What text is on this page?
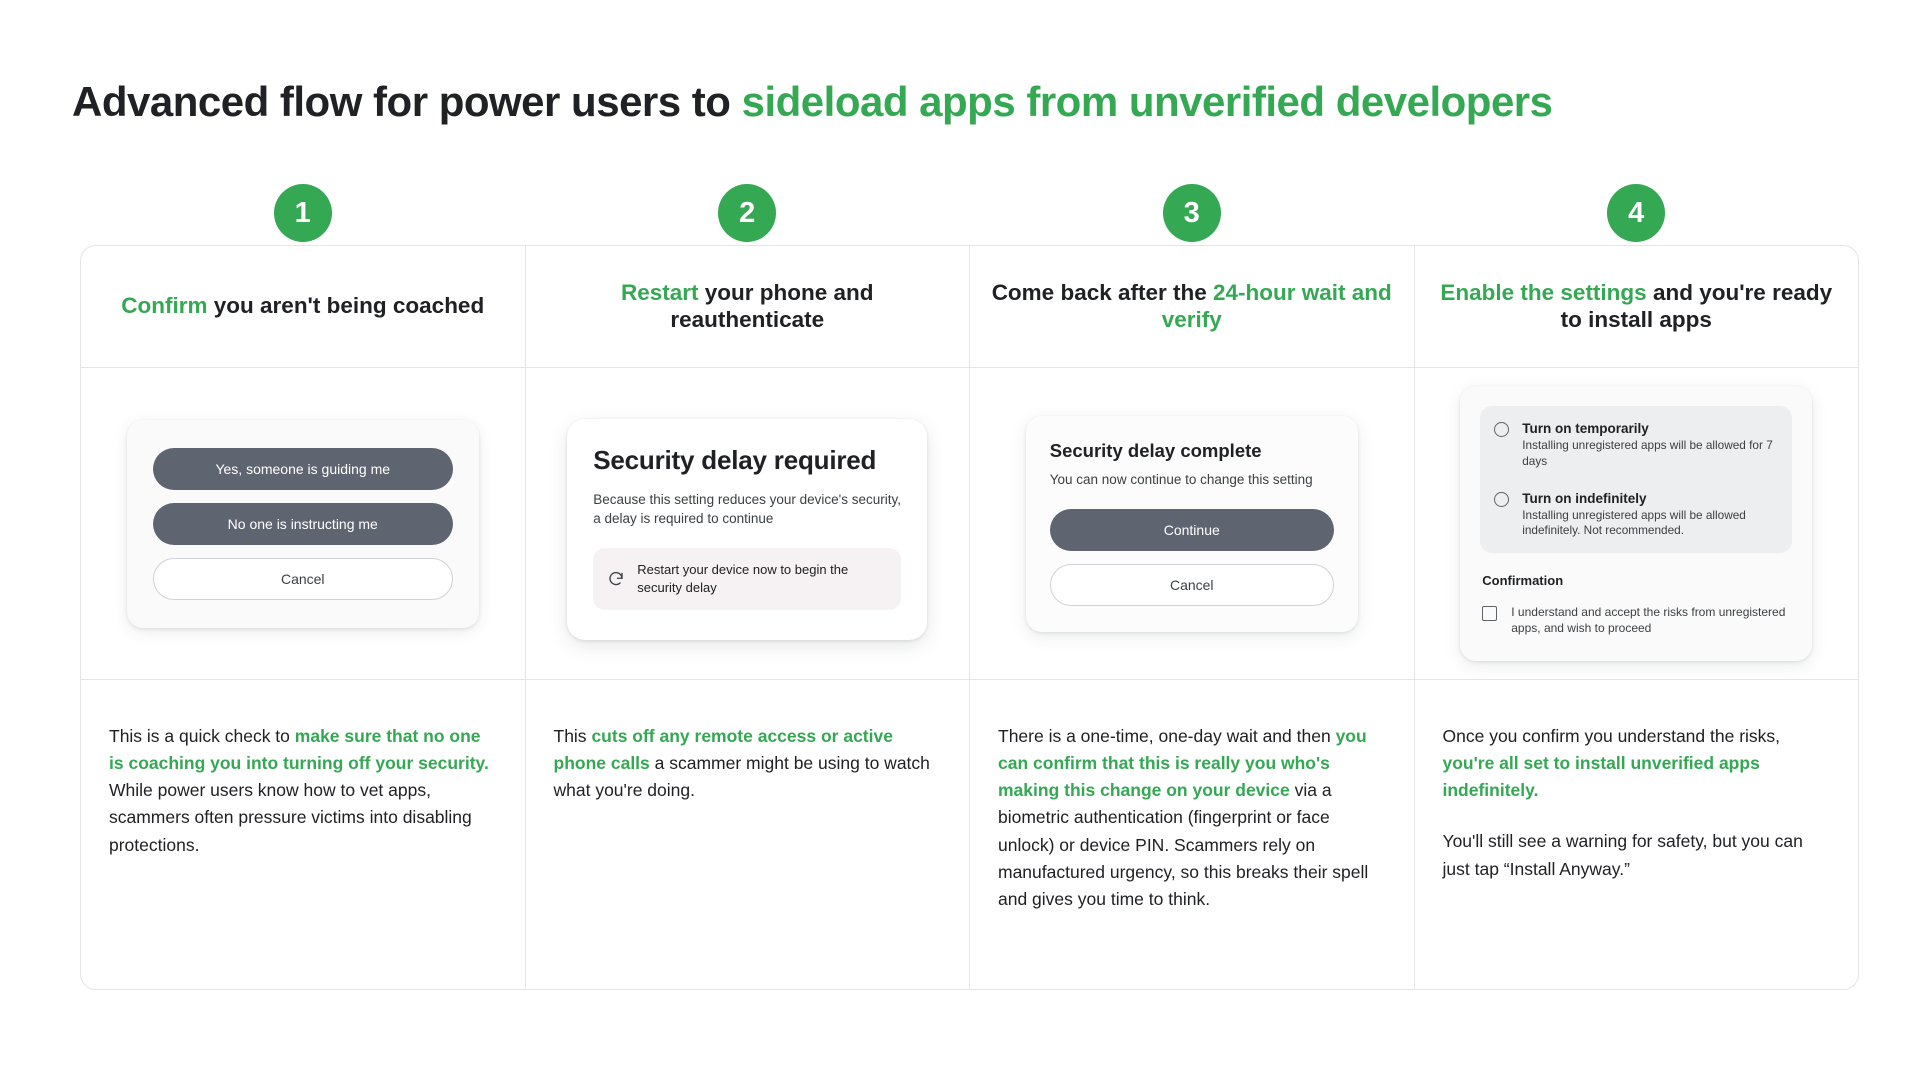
Advanced flow for power users to sideload apps from unverified developers
1
Confirm you aren't being coached
Yes, someone is guiding me
No one is instructing me
Cancel

This is a quick check to make sure that no one is coaching you into turning off your security. While power users know how to vet apps, scammers often pressure victims into disabling protections.

2
Restart your phone and reauthenticate
Security delay required
Because this setting reduces your device's security, a delay is required to continue
Restart your device now to begin the security delay

This cuts off any remote access or active phone calls a scammer might be using to watch what you're doing.

3
Come back after the 24-hour wait and verify
Security delay complete
You can now continue to change this setting
Continue
Cancel

There is a one-time, one-day wait and then you can confirm that this is really you who's making this change on your device via a biometric authentication (fingerprint or face unlock) or device PIN. Scammers rely on manufactured urgency, so this breaks their spell and gives you time to think.

4
Enable the settings and you're ready to install apps
Turn on temporarily
Installing unregistered apps will be allowed for 7 days
Turn on indefinitely
Installing unregistered apps will be allowed indefinitely. Not recommended.
Confirmation
I understand and accept the risks from unregistered apps, and wish to proceed

Once you confirm you understand the risks, you're all set to install unverified apps indefinitely.

You'll still see a warning for safety, but you can just tap “Install Anyway.”
